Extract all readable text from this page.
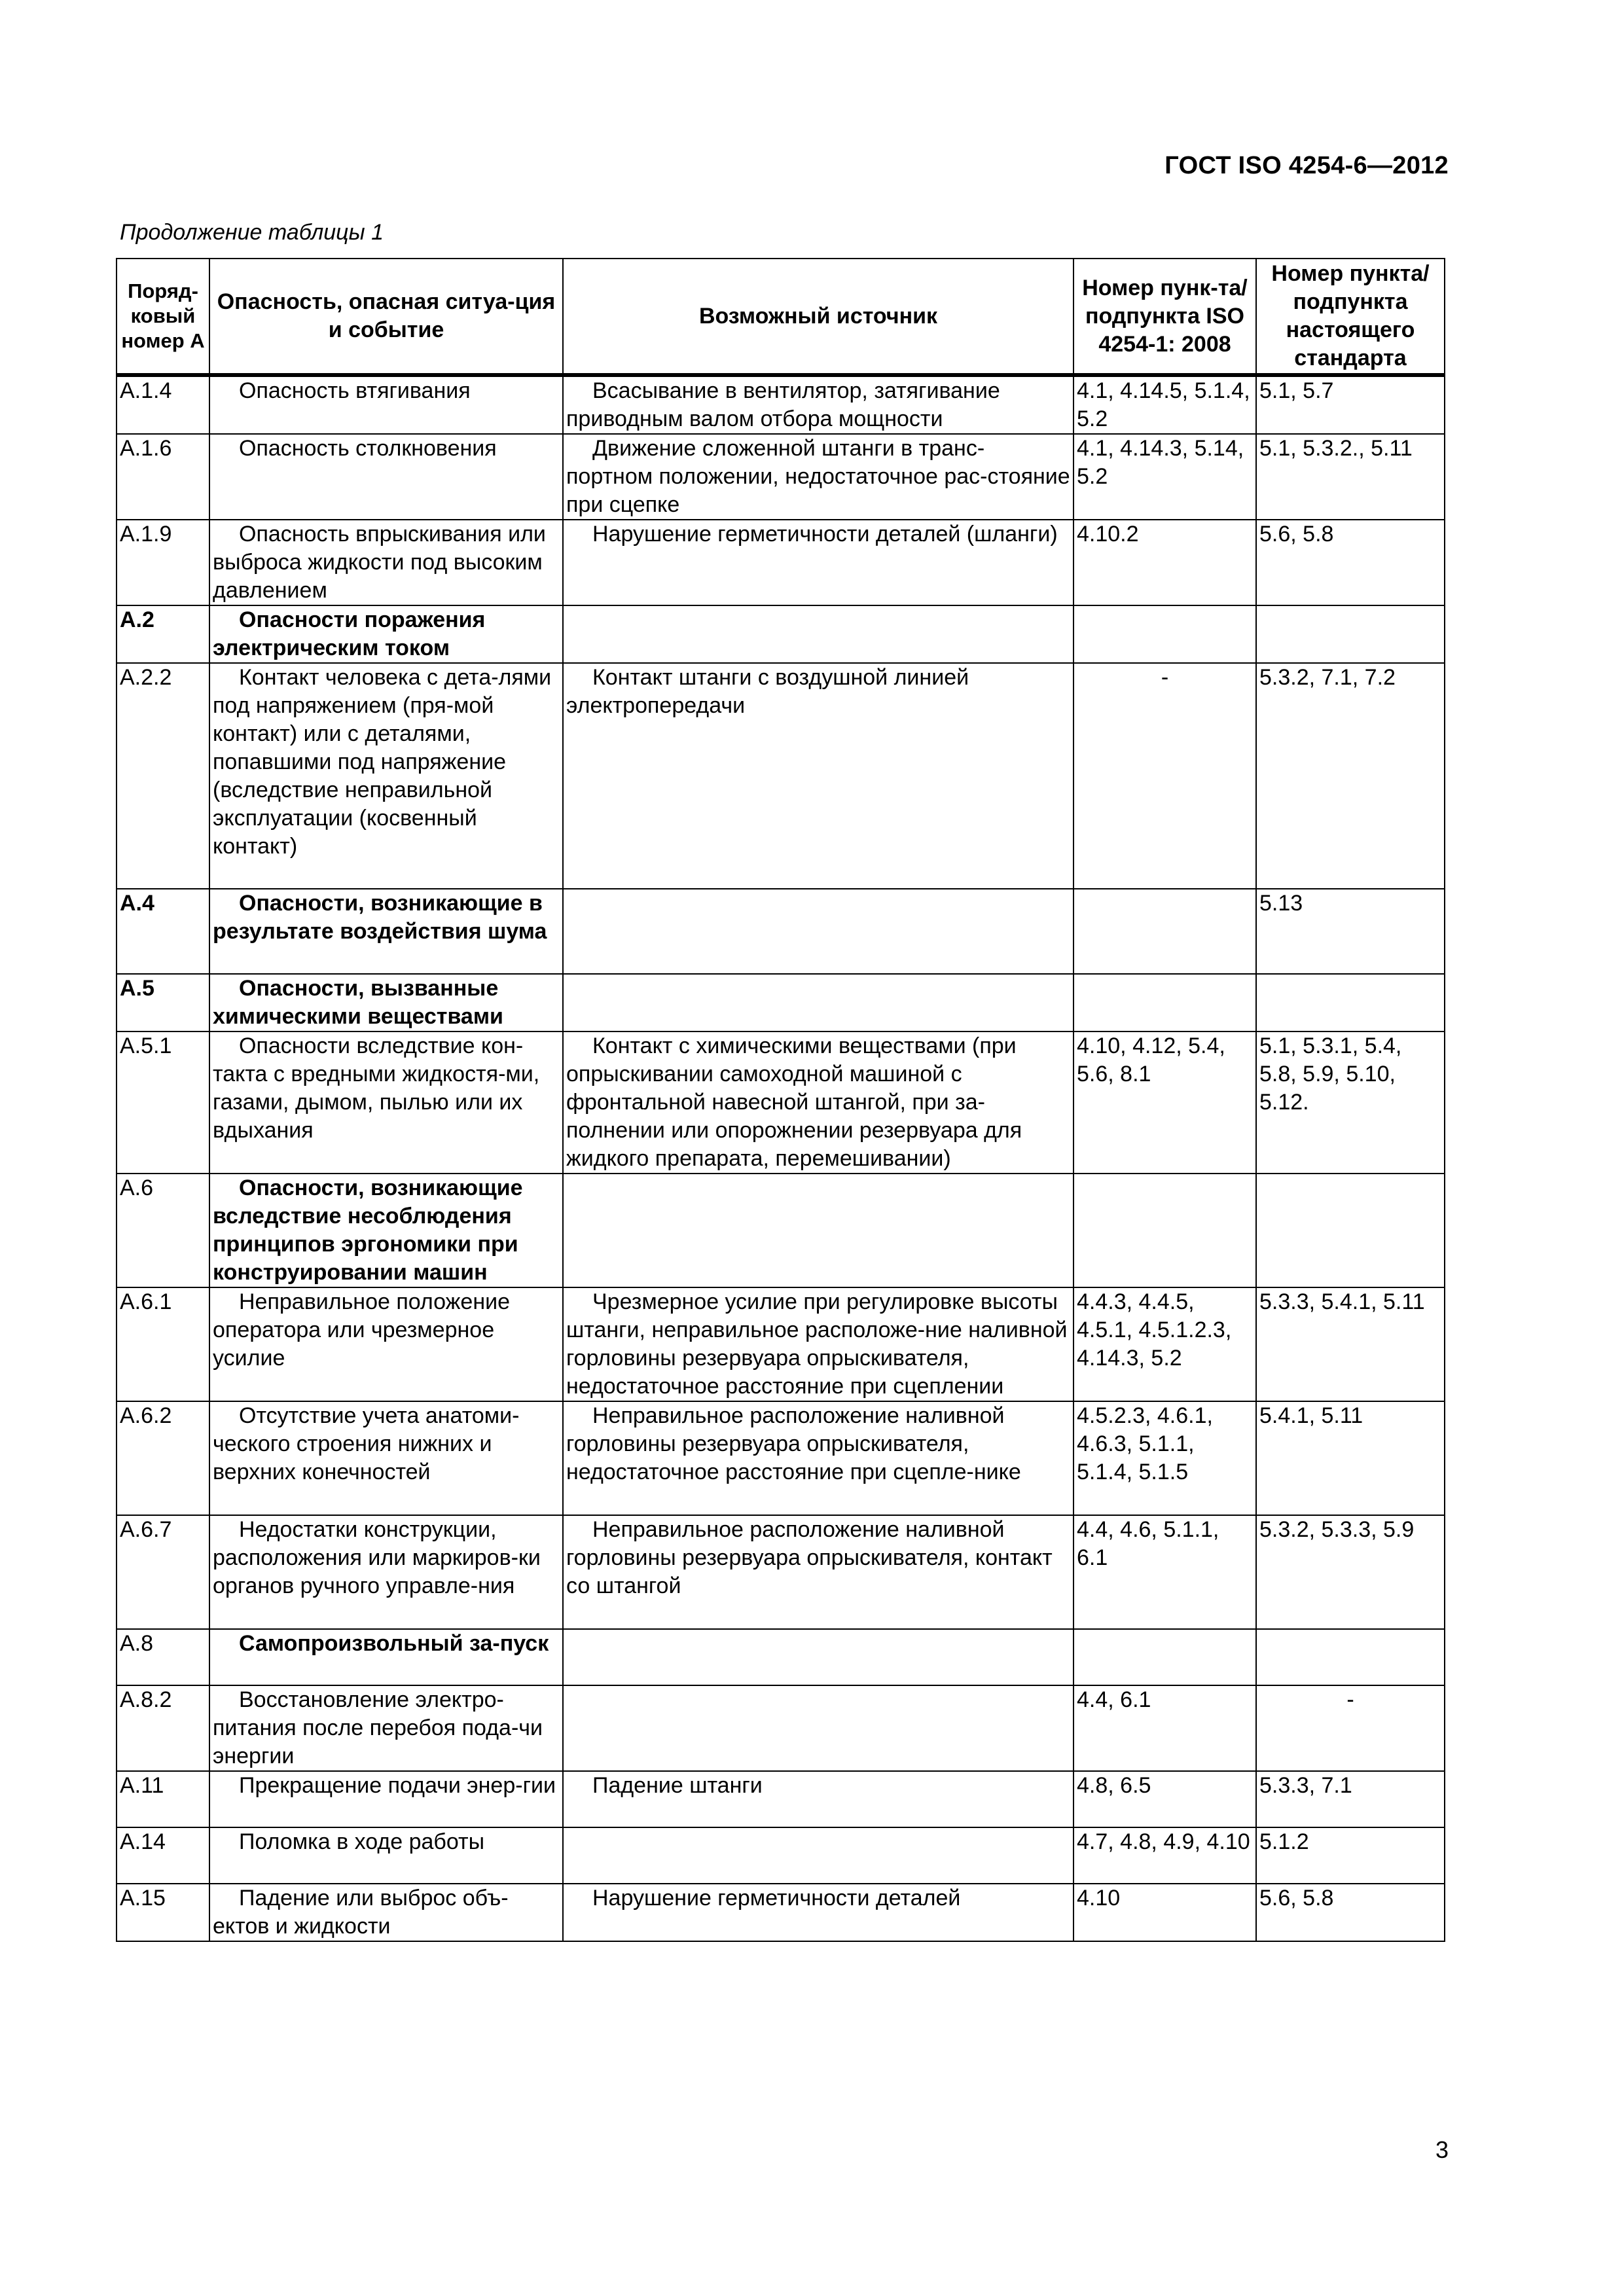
ГОСТ ISO 4254-6—2012
Продолжение таблицы 1
Поряд-ковый номер А	Опасность, опасная ситуа-ция и событие	Возможный источник	Номер пунк-та/ подпункта ISO 4254-1: 2008	Номер пункта/ подпункта настоящего стандарта
A.1.4	Опасность втягивания	Всасывание в вентилятор, затягивание приводным валом отбора мощности	4.1, 4.14.5, 5.1.4, 5.2	5.1, 5.7
A.1.6	Опасность столкновения	Движение сложенной штанги в транс-портном положении, недостаточное рас-стояние при сцепке	4.1, 4.14.3, 5.14, 5.2	5.1, 5.3.2., 5.11
A.1.9	Опасность впрыскивания или выброса жидкости под высоким давлением	Нарушение герметичности деталей (шланги)	4.10.2	5.6, 5.8
A.2	Опасности поражения электрическим током			
A.2.2	Контакт человека с дета-лями под напряжением (пря-мой контакт) или с деталями, попавшими под напряжение (вследствие неправильной эксплуатации (косвенный контакт)	Контакт штанги с воздушной линией электропередачи	-	5.3.2, 7.1, 7.2
A.4	Опасности, возникающие в результате воздействия шума			5.13
A.5	Опасности, вызванные химическими веществами			
A.5.1	Опасности вследствие кон-такта с вредными жидкостя-ми, газами, дымом, пылью или их вдыхания	Контакт с химическими веществами (при опрыскивании самоходной машиной с фронтальной навесной штангой, при за-полнении или опорожнении резервуара для жидкого препарата, перемешивании)	4.10, 4.12, 5.4, 5.6, 8.1	5.1, 5.3.1, 5.4, 5.8, 5.9, 5.10, 5.12.
A.6	Опасности, возникающие вследствие несоблюдения принципов эргономики при конструировании машин			
A.6.1	Неправильное положение оператора или чрезмерное усилие	Чрезмерное усилие при регулировке высоты штанги, неправильное расположе-ние наливной горловины резервуара опрыскивателя, недостаточное расстояние при сцеплении	4.4.3, 4.4.5, 4.5.1, 4.5.1.2.3, 4.14.3, 5.2	5.3.3, 5.4.1, 5.11
A.6.2	Отсутствие учета анатоми-ческого строения нижних и верхних конечностей	Неправильное расположение наливной горловины резервуара опрыскивателя, недостаточное расстояние при сцепле-нике	4.5.2.3, 4.6.1, 4.6.3, 5.1.1, 5.1.4, 5.1.5	5.4.1, 5.11
A.6.7	Недостатки конструкции, расположения или маркиров-ки органов ручного управле-ния	Неправильное расположение наливной горловины резервуара опрыскивателя, контакт со штангой	4.4, 4.6, 5.1.1, 6.1	5.3.2, 5.3.3, 5.9
A.8	Самопроизвольный за-пуск			
A.8.2	Восстановление электро-питания после перебоя пода-чи энергии		4.4, 6.1	-
A.11	Прекращение подачи энер-гии	Падение штанги	4.8, 6.5	5.3.3, 7.1
A.14	Поломка в ходе работы		4.7, 4.8, 4.9, 4.10	5.1.2
A.15	Падение или выброс объ-ектов и жидкости	Нарушение герметичности деталей	4.10	5.6, 5.8
3
